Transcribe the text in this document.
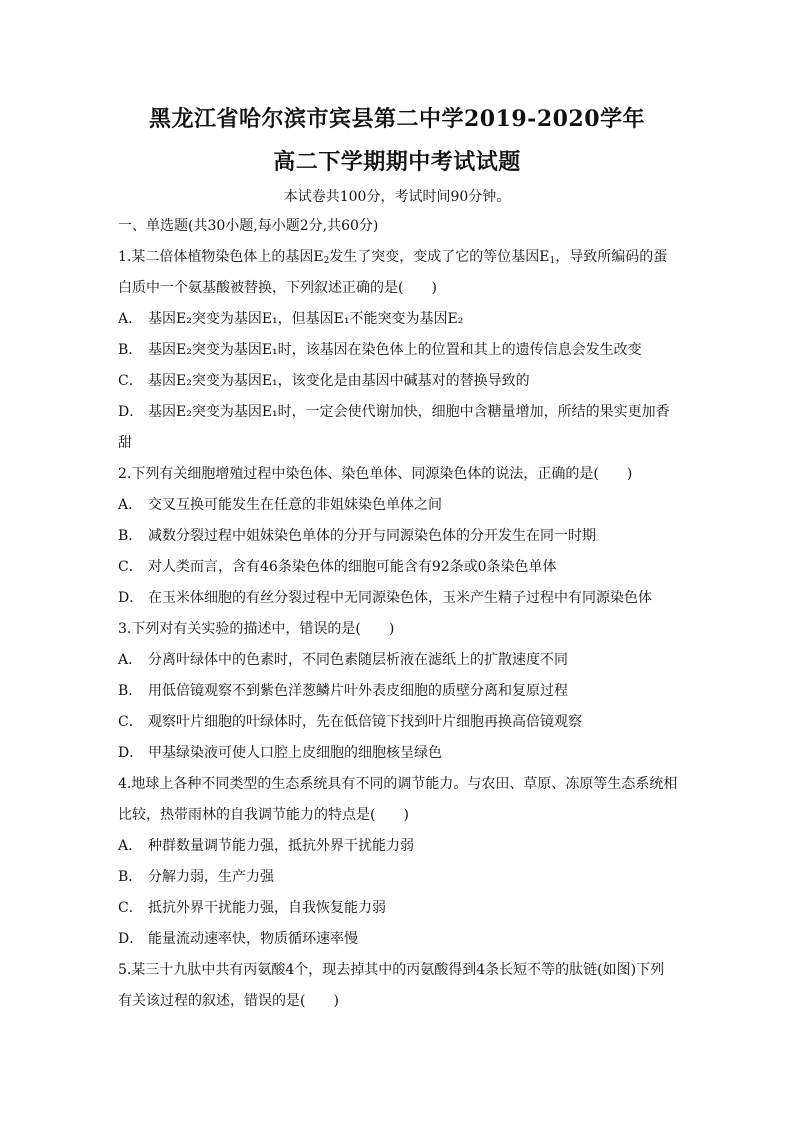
黑龙江省哈尔滨市宾县第二中学2019-2020学年
高二下学期期中考试试题
本试卷共100分，考试时间90分钟。
一、单选题(共30小题,每小题2分,共60分)
1.某二倍体植物染色体上的基因$E_2$发生了突变，变成了它的等位基因$E_1$，导致所编码的蛋
白质中一个氨基酸被替换，下列叙述正确的是(　　)
A． 基因E₂突变为基因E₁，但基因E₁不能突变为基因E₂
B． 基因E₂突变为基因E₁时，该基因在染色体上的位置和其上的遗传信息会发生改变
C． 基因E₂突变为基因E₁，该变化是由基因中碱基对的替换导致的
D． 基因E₂突变为基因E₁时，一定会使代谢加快，细胞中含糖量增加，所结的果实更加香
甜
2.下列有关细胞增殖过程中染色体、染色单体、同源染色体的说法，正确的是(　　)
A． 交叉互换可能发生在任意的非姐妹染色单体之间
B． 减数分裂过程中姐妹染色单体的分开与同源染色体的分开发生在同一时期
C． 对人类而言，含有46条染色体的细胞可能含有92条或0条染色单体
D． 在玉米体细胞的有丝分裂过程中无同源染色体，玉米产生精子过程中有同源染色体
3.下列对有关实验的描述中，错误的是(　　)
A． 分离叶绿体中的色素时，不同色素随层析液在滤纸上的扩散速度不同
B． 用低倍镜观察不到紫色洋葱鳞片叶外表皮细胞的质壁分离和复原过程
C． 观察叶片细胞的叶绿体时，先在低倍镜下找到叶片细胞再换高倍镜观察
D． 甲基绿染液可使人口腔上皮细胞的细胞核呈绿色
4.地球上各种不同类型的生态系统具有不同的调节能力。与农田、草原、冻原等生态系统相
比较，热带雨林的自我调节能力的特点是(　　)
A． 种群数量调节能力强，抵抗外界干扰能力弱
B． 分解力弱，生产力强
C． 抵抗外界干扰能力强，自我恢复能力弱
D． 能量流动速率快，物质循环速率慢
5.某三十九肽中共有丙氨酸4个，现去掉其中的丙氨酸得到4条长短不等的肽链(如图)下列
有关该过程的叙述，错误的是(　　)
